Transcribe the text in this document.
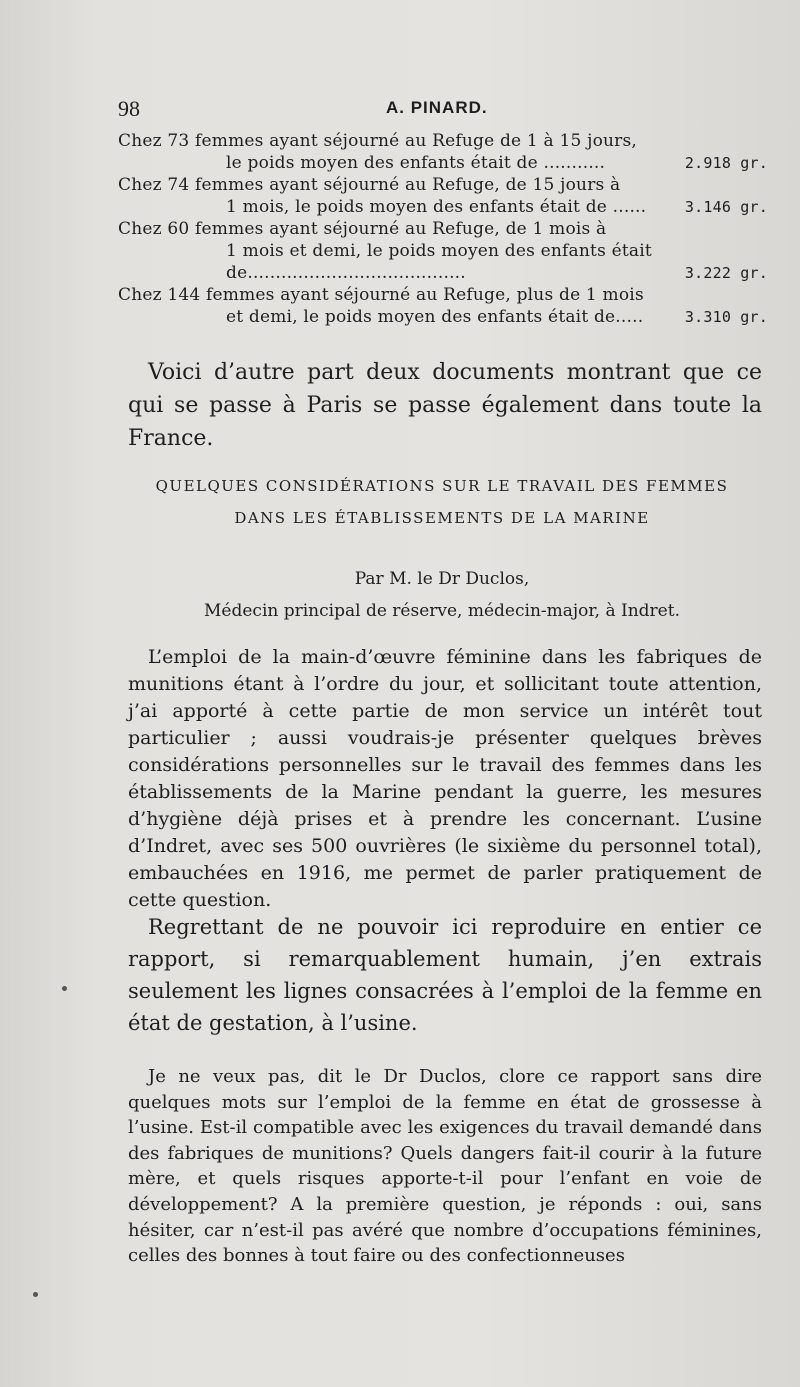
98	A. PINARD.

Chez 73 femmes ayant séjourné au Refuge de 1 à 15 jours,

le poids moyen des enfants était de ...........	2.918 gr.

Chez 74 femmes ayant séjourné au Refuge, de 15 jours à

1 mois, le poids moyen des enfants était de ......	3.146 gr.

Chez 60 femmes ayant séjourné au Refuge, de 1 mois à

1 mois et demi, le poids moyen des enfants était de.......................................	3.222 gr.

Chez 144 femmes ayant séjourné au Refuge, plus de 1 mois

et demi, le poids moyen des enfants était de.....	3.310 gr.

Voici d’autre part deux documents montrant que ce qui se passe à Paris se passe également dans toute la France.

QUELQUES CONSIDÉRATIONS SUR LE TRAVAIL DES FEMMES

DANS LES ÉTABLISSEMENTS DE LA MARINE

Par M. le Dr Duclos,

Médecin principal de réserve, médecin-major, à Indret.

L’emploi de la main-d’œuvre féminine dans les fabriques de munitions étant à l’ordre du jour, et sollicitant toute attention, j’ai apporté à cette partie de mon service un intérêt tout particulier ; aussi voudrais-je présenter quelques brèves considérations personnelles sur le travail des femmes dans les établissements de la Marine pendant la guerre, les mesures d’hygiène déjà prises et à prendre les concernant. L’usine d’Indret, avec ses 500 ouvrières (le sixième du personnel total), embauchées en 1916, me permet de parler pratiquement de cette question.

Regrettant de ne pouvoir ici reproduire en entier ce rapport, si remarquablement humain, j’en extrais seulement les lignes consacrées à l’emploi de la femme en état de gestation, à l’usine.

Je ne veux pas, dit le Dr Duclos, clore ce rapport sans dire quelques mots sur l’emploi de la femme en état de grossesse à l’usine. Est-il compatible avec les exigences du travail demandé dans des fabriques de munitions? Quels dangers fait-il courir à la future mère, et quels risques apporte-t-il pour l’enfant en voie de développement? A la première question, je réponds : oui, sans hésiter, car n’est-il pas avéré que nombre d’occupations féminines, celles des bonnes à tout faire ou des confectionneuses
